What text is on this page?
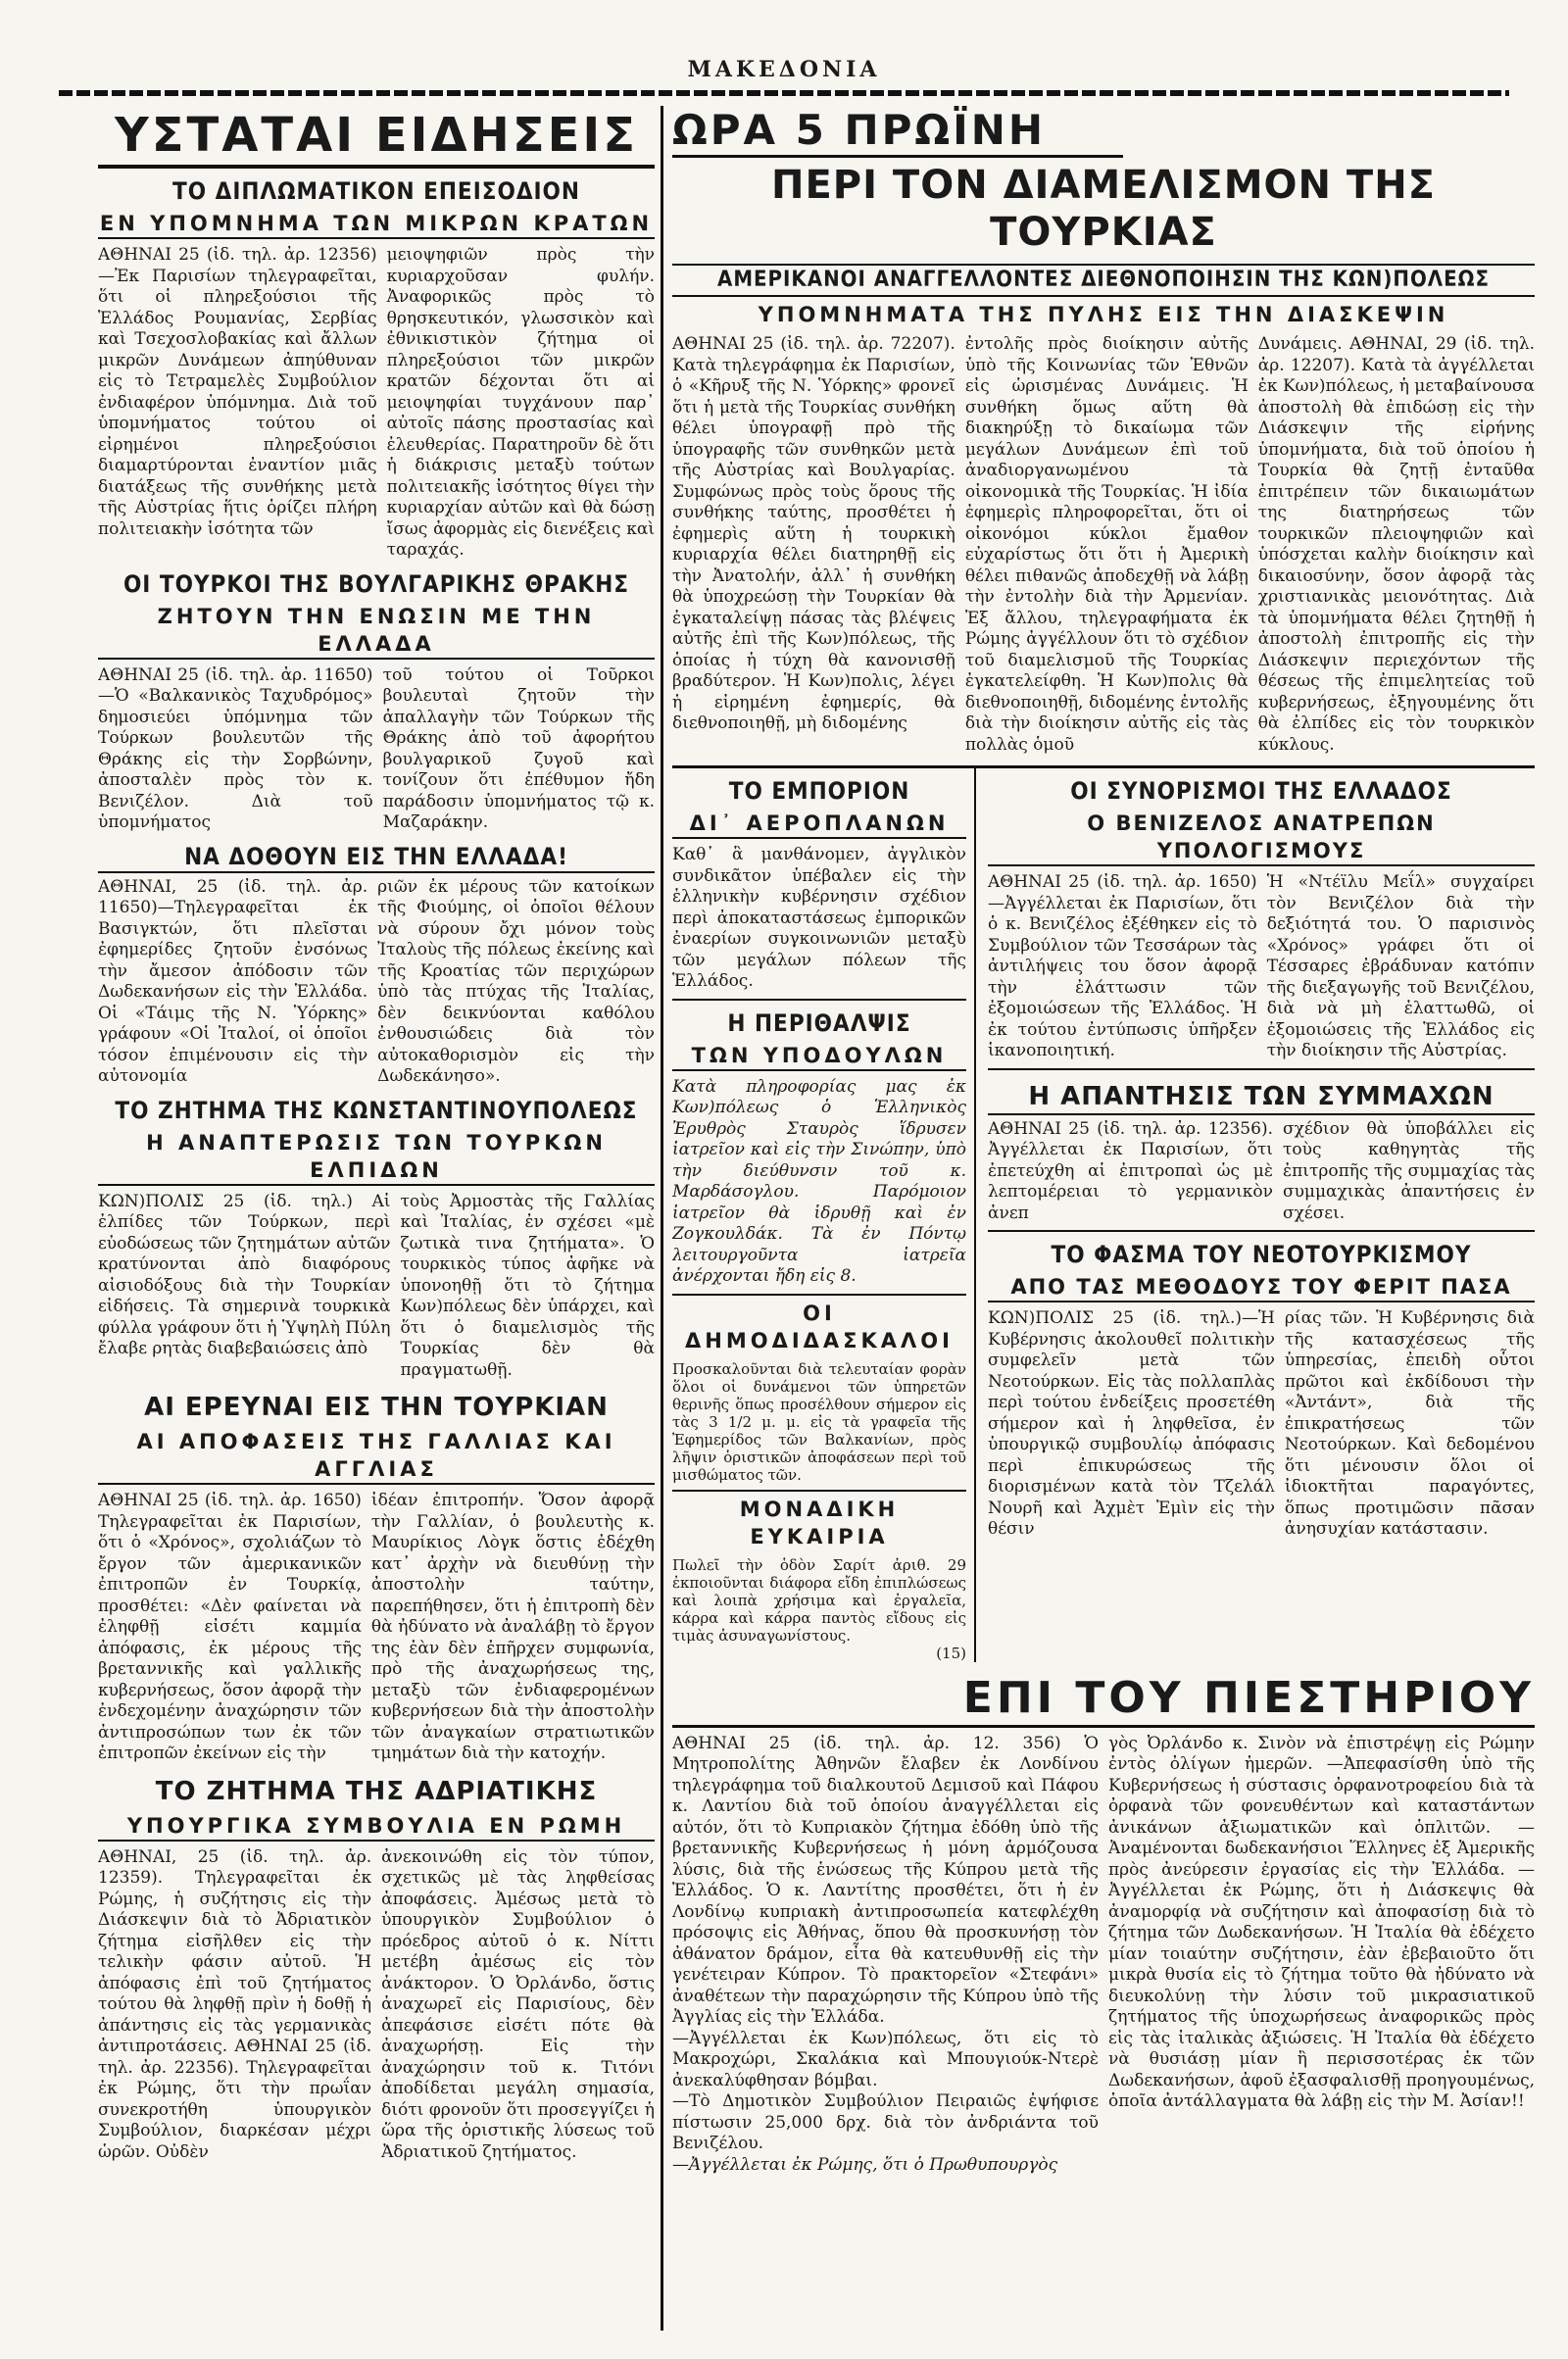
ΜΑΚΕΔΟΝΙΑ
ΥΣΤΑΤΑΙ ΕΙΔΗΣΕΙΣ
ΤΟ ΔΙΠΛΩΜΑΤΙΚΟΝ ΕΠΕΙΣΟΔΙΟΝ
ΕΝ ΥΠΟΜΝΗΜΑ ΤΩΝ ΜΙΚΡΩΝ ΚΡΑΤΩΝ

ΑΘΗΝΑΙ 25 (ἰδ. τηλ. ἀρ. 12356)—Ἐκ Παρισίων τηλεγραφεῖται, ὅτι οἱ πληρεξούσιοι τῆς Ἑλλάδος Ρουμανίας, Σερβίας καὶ Τσεχοσλοβακίας καὶ ἄλλων μικρῶν Δυνάμεων ἀπηύθυναν εἰς τὸ Τετραμελὲς Συμβούλιον ἐνδιαφέρον ὑπόμνημα. Διὰ τοῦ ὑπομνήματος τούτου οἱ εἰρημένοι πληρεξούσιοι διαμαρτύρονται ἐναντίον μιᾶς διατάξεως τῆς συνθήκης μετὰ τῆς Αὐστρίας ἥτις ὁρίζει πλήρη πολιτειακὴν ἰσότητα τῶν

μειοψηφιῶν πρὸς τὴν κυριαρχοῦσαν φυλήν. Ἀναφορικῶς πρὸς τὸ θρησκευτικόν, γλωσσικὸν καὶ ἐθνικιστικὸν ζήτημα οἱ πληρεξούσιοι τῶν μικρῶν κρατῶν δέχονται ὅτι αἱ μειοψηφίαι τυγχάνουν παρ᾽ αὐτοῖς πάσης προστασίας καὶ ἐλευθερίας. Παρατηροῦν δὲ ὅτι ἡ διάκρισις μεταξὺ τούτων πολιτειακῆς ἰσότητος θίγει τὴν κυριαρχίαν αὐτῶν καὶ θὰ δώσῃ ἴσως ἀφορμὰς εἰς διενέξεις καὶ ταραχάς.

ΟΙ ΤΟΥΡΚΟΙ ΤΗΣ ΒΟΥΛΓΑΡΙΚΗΣ ΘΡΑΚΗΣ
ΖΗΤΟΥΝ ΤΗΝ ΕΝΩΣΙΝ ΜΕ ΤΗΝ ΕΛΛΑΔΑ

ΑΘΗΝΑΙ 25 (ἰδ. τηλ. ἀρ. 11650)—Ὁ «Βαλκανικὸς Ταχυδρόμος» δημοσιεύει ὑπόμνημα τῶν Τούρκων βουλευτῶν τῆς Θράκης εἰς τὴν Σορβώνην, ἀποσταλὲν πρὸς τὸν κ. Βενιζέλον. Διὰ τοῦ ὑπομνήματος

τοῦ τούτου οἱ Τοῦρκοι βουλευταὶ ζητοῦν τὴν ἀπαλλαγὴν τῶν Τούρκων τῆς Θράκης ἀπὸ τοῦ ἀφορήτου βουλγαρικοῦ ζυγοῦ καὶ τονίζουν ὅτι ἐπέθυμον ἤδη παράδοσιν ὑπομνήματος τῷ κ. Μαζαράκην.

ΝΑ ΔΟΘΟΥΝ ΕΙΣ ΤΗΝ ΕΛΛΑΔΑ!

ΑΘΗΝΑΙ, 25 (ἰδ. τηλ. ἀρ. 11650)—Τηλεγραφεῖται ἐκ Βασιγκτών, ὅτι πλεῖσται ἐφημερίδες ζητοῦν ἐνσόνως τὴν ἄμεσον ἀπόδοσιν τῶν Δωδεκανήσων εἰς τὴν Ἑλλάδα. Οἱ «Τάιμς τῆς Ν. Ὑόρκης» γράφουν «Οἱ Ἰταλοί, οἱ ὁποῖοι τόσον ἐπιμένουσιν εἰς τὴν αὐτονομία

ριῶν ἐκ μέρους τῶν κατοίκων τῆς Φιούμης, οἱ ὁποῖοι θέλουν νὰ σύρουν ὄχι μόνον τοὺς Ἰταλοὺς τῆς πόλεως ἐκείνης καὶ τῆς Κροατίας τῶν περιχώρων ὑπὸ τὰς πτύχας τῆς Ἰταλίας, δὲν δεικνύονται καθόλου ἐνθουσιώδεις διὰ τὸν αὐτοκαθορισμὸν εἰς τὴν Δωδεκάνησο».

ΤΟ ΖΗΤΗΜΑ ΤΗΣ ΚΩΝΣΤΑΝΤΙΝΟΥΠΟΛΕΩΣ
Η ΑΝΑΠΤΕΡΩΣΙΣ ΤΩΝ ΤΟΥΡΚΩΝ ΕΛΠΙΔΩΝ

ΚΩΝ)ΠΟΛΙΣ 25 (ἰδ. τηλ.) Αἱ ἐλπίδες τῶν Τούρκων, περὶ εὐοδώσεως τῶν ζητημάτων αὐτῶν κρατύνονται ἀπὸ διαφόρους αἰσιοδόξους διὰ τὴν Τουρκίαν εἰδήσεις. Τὰ σημερινὰ τουρκικὰ φύλλα γράφουν ὅτι ἡ Ὑψηλὴ Πύλη ἔλαβε ρητὰς διαβεβαιώσεις ἀπὸ

τοὺς Ἀρμοστὰς τῆς Γαλλίας καὶ Ἰταλίας, ἐν σχέσει «μὲ ζωτικὰ τινα ζητήματα». Ὁ τουρκικὸς τύπος ἀφῆκε νὰ ὑπονοηθῇ ὅτι τὸ ζήτημα Κων)πόλεως δὲν ὑπάρχει, καὶ ὅτι ὁ διαμελισμὸς τῆς Τουρκίας δὲν θὰ πραγματωθῇ.

ΑΙ ΕΡΕΥΝΑΙ ΕΙΣ ΤΗΝ ΤΟΥΡΚΙΑΝ
ΑΙ ΑΠΟΦΑΣΕΙΣ ΤΗΣ ΓΑΛΛΙΑΣ ΚΑΙ ΑΓΓΛΙΑΣ

ΑΘΗΝΑΙ 25 (ἰδ. τηλ. ἀρ. 1650) Τηλεγραφεῖται ἐκ Παρισίων, ὅτι ὁ «Χρόνος», σχολιάζων τὸ ἔργον τῶν ἀμερικανικῶν ἐπιτροπῶν ἐν Τουρκίᾳ, προσθέτει: «Δὲν φαίνεται νὰ ἐληφθῇ εἰσέτι καμμία ἀπόφασις, ἐκ μέρους τῆς βρεταννικῆς καὶ γαλλικῆς κυβερνήσεως, ὅσον ἀφορᾷ τὴν ἐνδεχομένην ἀναχώρησιν τῶν ἀντιπροσώπων των ἐκ τῶν ἐπιτροπῶν ἐκείνων εἰς τὴν

ἰδέαν ἐπιτροπήν. Ὅσον ἀφορᾷ τὴν Γαλλίαν, ὁ βουλευτὴς κ. Μαυρίκιος Λὸγκ ὅστις ἐδέχθη κατ᾽ ἀρχὴν νὰ διευθύνῃ τὴν ἀποστολὴν ταύτην, παρεπήθησεν, ὅτι ἡ ἐπιτροπὴ δὲν θὰ ἠδύνατο νὰ ἀναλάβῃ τὸ ἔργον της ἐὰν δὲν ἐπῆρχεν συμφωνία, πρὸ τῆς ἀναχωρήσεως της, μεταξὺ τῶν ἐνδιαφερομένων κυβερνήσεων διὰ τὴν ἀποστολὴν τῶν ἀναγκαίων στρατιωτικῶν τμημάτων διὰ τὴν κατοχήν.

ΤΟ ΖΗΤΗΜΑ ΤΗΣ ΑΔΡΙΑΤΙΚΗΣ
ΥΠΟΥΡΓΙΚΑ ΣΥΜΒΟΥΛΙΑ ΕΝ ΡΩΜΗ

ΑΘΗΝΑΙ, 25 (ἰδ. τηλ. ἀρ. 12359). Τηλεγραφεῖται ἐκ Ρώμης, ἡ συζήτησις εἰς τὴν Διάσκεψιν διὰ τὸ Ἀδριατικὸν ζήτημα εἰσῆλθεν εἰς τὴν τελικὴν φάσιν αὐτοῦ. Ἡ ἀπόφασις ἐπὶ τοῦ ζητήματος τούτου θὰ ληφθῇ πρὶν ἡ δοθῇ ἡ ἀπάντησις εἰς τὰς γερμανικὰς ἀντιπροτάσεις. ΑΘΗΝΑΙ 25 (ἰδ. τηλ. ἀρ. 22356). Τηλεγραφεῖται ἐκ Ρώμης, ὅτι τὴν πρωΐαν συνεκροτήθη ὑπουργικὸν Συμβούλιον, διαρκέσαν μέχρι ὡρῶν. Οὐδὲν

ἀνεκοινώθη εἰς τὸν τύπον, σχετικῶς μὲ τὰς ληφθείσας ἀποφάσεις. Ἀμέσως μετὰ τὸ ὑπουργικὸν Συμβούλιον ὁ πρόεδρος αὐτοῦ ὁ κ. Νίττι μετέβη ἀμέσως εἰς τὸν ἀνάκτορον. Ὁ Ὀρλάνδο, ὅστις ἀναχωρεῖ εἰς Παρισίους, δὲν ἀπεφάσισε εἰσέτι πότε θὰ ἀναχωρήσῃ. Εἰς τὴν ἀναχώρησιν τοῦ κ. Τιτόνι ἀποδίδεται μεγάλη σημασία, διότι φρονοῦν ὅτι προσεγγίζει ἡ ὥρα τῆς ὁριστικῆς λύσεως τοῦ Ἀδριατικοῦ ζητήματος.

ΩΡΑ 5 ΠΡΩΪΝΗ
ΠΕΡΙ ΤΟΝ ΔΙΑΜΕΛΙΣΜΟΝ ΤΗΣ ΤΟΥΡΚΙΑΣ
ΑΜΕΡΙΚΑΝΟΙ ΑΝΑΓΓΕΛΛΟΝΤΕΣ ΔΙΕΘΝΟΠΟΙΗΣΙΝ ΤΗΣ ΚΩΝ)ΠΟΛΕΩΣ
ΥΠΟΜΝΗΜΑΤΑ ΤΗΣ ΠΥΛΗΣ ΕΙΣ ΤΗΝ ΔΙΑΣΚΕΨΙΝ

ΑΘΗΝΑΙ 25 (ἰδ. τηλ. ἀρ. 72207). Κατὰ τηλεγράφημα ἐκ Παρισίων, ὁ «Κῆρυξ τῆς Ν. Ὑόρκης» φρονεῖ ὅτι ἡ μετὰ τῆς Τουρκίας συνθήκη θέλει ὑπογραφῇ πρὸ τῆς ὑπογραφῆς τῶν συνθηκῶν μετὰ τῆς Αὐστρίας καὶ Βουλγαρίας. Συμφώνως πρὸς τοὺς ὅρους τῆς συνθήκης ταύτης, προσθέτει ἡ ἐφημερὶς αὕτη ἡ τουρκικὴ κυριαρχία θέλει διατηρηθῇ εἰς τὴν Ἀνατολήν, ἀλλ᾽ ἡ συνθήκη θὰ ὑποχρεώσῃ τὴν Τουρκίαν θὰ ἐγκαταλείψῃ πάσας τὰς βλέψεις αὐτῆς ἐπὶ τῆς Κων)πόλεως, τῆς ὁποίας ἡ τύχη θὰ κανονισθῇ βραδύτερον. Ἡ Κων)πολις, λέγει ἡ εἰρημένη ἐφημερίς, θὰ διεθνοποιηθῇ, μὴ διδομένης

ἐντολῆς πρὸς διοίκησιν αὐτῆς ὑπὸ τῆς Κοινωνίας τῶν Ἐθνῶν εἰς ὡρισμένας Δυνάμεις. Ἡ συνθήκη ὅμως αὕτη θὰ διακηρύξῃ τὸ δικαίωμα τῶν μεγάλων Δυνάμεων ἐπὶ τοῦ ἀναδιοργανωμένου τὰ οἰκονομικὰ τῆς Τουρκίας. Ἡ ἰδία ἐφημερὶς πληροφορεῖται, ὅτι οἱ οἰκονόμοι κύκλοι ἔμαθον εὐχαρίστως ὅτι ὅτι ἡ Ἀμερικὴ θέλει πιθανῶς ἀποδεχθῇ νὰ λάβῃ τὴν ἐντολὴν διὰ τὴν Ἀρμενίαν. Ἐξ ἄλλου, τηλεγραφήματα ἐκ Ρώμης ἀγγέλλουν ὅτι τὸ σχέδιον τοῦ διαμελισμοῦ τῆς Τουρκίας ἐγκατελείφθη. Ἡ Κων)πολις θὰ διεθνοποιηθῇ, διδομένης ἐντολῆς διὰ τὴν διοίκησιν αὐτῆς εἰς τὰς πολλὰς ὁμοῦ

Δυνάμεις. ΑΘΗΝΑΙ, 29 (ἰδ. τηλ. ἀρ. 12207). Κατὰ τὰ ἀγγέλλεται ἐκ Κων)πόλεως, ἡ μεταβαίνουσα ἀποστολὴ θὰ ἐπιδώσῃ εἰς τὴν Διάσκεψιν τῆς εἰρήνης ὑπομνήματα, διὰ τοῦ ὁποίου ἡ Τουρκία θὰ ζητῇ ἐνταῦθα ἐπιτρέπειν τῶν δικαιωμάτων της διατηρήσεως τῶν τουρκικῶν πλειοψηφιῶν καὶ ὑπόσχεται καλὴν διοίκησιν καὶ δικαιοσύνην, ὅσον ἀφορᾷ τὰς χριστιανικὰς μειονότητας. Διὰ τὰ ὑπομνήματα θέλει ζητηθῇ ἡ ἀποστολὴ ἐπιτροπῆς εἰς τὴν Διάσκεψιν περιεχόντων τῆς θέσεως τῆς ἐπιμελητείας τοῦ κυβερνήσεως, ἐξηγουμένης ὅτι θὰ ἐλπίδες εἰς τὸν τουρκικὸν κύκλους.

ΤΟ ΕΜΠΟΡΙΟΝ
ΔΙ᾽ ΑΕΡΟΠΛΑΝΩΝ

Καθ᾽ ἃ μανθάνομεν, ἀγγλικὸν συνδικᾶτον ὑπέβαλεν εἰς τὴν ἑλληνικὴν κυβέρνησιν σχέδιον περὶ ἀποκαταστάσεως ἐμπορικῶν ἐναερίων συγκοινωνιῶν μεταξὺ τῶν μεγάλων πόλεων τῆς Ἑλλάδος.

Η ΠΕΡΙΘΑΛΨΙΣ
ΤΩΝ ΥΠΟΔΟΥΛΩΝ

Κατὰ πληροφορίας μας ἐκ Κων)πόλεως ὁ Ἑλληνικὸς Ἐρυθρὸς Σταυρὸς ἵδρυσεν ἰατρεῖον καὶ εἰς τὴν Σινώπην, ὑπὸ τὴν διεύθυνσιν τοῦ κ. Μαρδάσογλου. Παρόμοιον ἰατρεῖον θὰ ἱδρυθῇ καὶ ἐν Ζογκουλδάκ. Τὰ ἐν Πόντῳ λειτουργοῦντα ἰατρεῖα ἀνέρχονται ἤδη εἰς 8.

ΟΙ ΔΗΜΟΔΙΔΑΣΚΑΛΟΙ

Προσκαλοῦνται διὰ τελευταίαν φορὰν ὅλοι οἱ δυνάμενοι τῶν ὑπηρετῶν θερινῆς ὅπως προσέλθουν σήμερον εἰς τὰς 3 1/2 μ. μ. εἰς τὰ γραφεῖα τῆς Ἐφημερίδος τῶν Βαλκανίων, πρὸς λῆψιν ὁριστικῶν ἀποφάσεων περὶ τοῦ μισθώματος τῶν.

ΜΟΝΑΔΙΚΗ ΕΥΚΑΙΡΙΑ

Πωλεῖ τὴν ὁδὸν Σαρίτ ἀριθ. 29 ἐκποιοῦνται διάφορα εἴδη ἐπιπλώσεως καὶ λοιπὰ χρήσιμα καὶ ἐργαλεῖα, κάρρα καὶ κάρρα παντὸς εἴδους εἰς τιμὰς ἀσυναγωνίστους.

(15)
ΟΙ ΣΥΝΟΡΙΣΜΟΙ ΤΗΣ ΕΛΛΑΔΟΣ
Ο ΒΕΝΙΖΕΛΟΣ ΑΝΑΤΡΕΠΩΝ ΥΠΟΛΟΓΙΣΜΟΥΣ

ΑΘΗΝΑΙ 25 (ἰδ. τηλ. ἀρ. 1650)—Ἀγγέλλεται ἐκ Παρισίων, ὅτι ὁ κ. Βενιζέλος ἐξέθηκεν εἰς τὸ Συμβούλιον τῶν Τεσσάρων τὰς ἀντιλήψεις του ὅσον ἀφορᾷ τὴν ἐλάττωσιν τῶν ἐξομοιώσεων τῆς Ἑλλάδος. Ἡ ἐκ τούτου ἐντύπωσις ὑπῆρξεν ἱκανοποιητική.

Ἡ «Ντέϊλυ Μεΐλ» συγχαίρει τὸν Βενιζέλον διὰ τὴν δεξιότητά του. Ὁ παρισινὸς «Χρόνος» γράφει ὅτι οἱ Τέσσαρες ἐβράδυναν κατόπιν τῆς διεξαγωγῆς τοῦ Βενιζέλου, διὰ νὰ μὴ ἐλαττωθῶ, οἱ ἐξομοιώσεις τῆς Ἑλλάδος εἰς τὴν διοίκησιν τῆς Αὐστρίας.

Η ΑΠΑΝΤΗΣΙΣ ΤΩΝ ΣΥΜΜΑΧΩΝ

ΑΘΗΝΑΙ 25 (ἰδ. τηλ. ἀρ. 12356). Ἀγγέλλεται ἐκ Παρισίων, ὅτι ἐπετεύχθη αἱ ἐπιτροπαὶ ὡς μὲ λεπτομέρειαι τὸ γερμανικὸν ἀνεπ

σχέδιον θὰ ὑποβάλλει εἰς τοὺς καθηγητὰς τῆς ἐπιτροπῆς τῆς συμμαχίας τὰς συμμαχικὰς ἀπαντήσεις ἐν σχέσει.

ΤΟ ΦΑΣΜΑ ΤΟΥ ΝΕΟΤΟΥΡΚΙΣΜΟΥ
ΑΠΟ ΤΑΣ ΜΕΘΟΔΟΥΣ ΤΟΥ ΦΕΡΙΤ ΠΑΣΑ

ΚΩΝ)ΠΟΛΙΣ 25 (ἰδ. τηλ.)—Ἡ Κυβέρνησις ἀκολουθεῖ πολιτικὴν συμφελεῖν μετὰ τῶν Νεοτούρκων. Εἰς τὰς πολλαπλὰς περὶ τούτου ἐνδείξεις προσετέθη σήμερον καὶ ἡ ληφθεῖσα, ἐν ὑπουργικῷ συμβουλίῳ ἀπόφασις περὶ ἐπικυρώσεως τῆς διορισμένων κατὰ τὸν Τζελάλ Νουρῆ καὶ Ἀχμὲτ Ἐμὶν εἰς τὴν θέσιν

ρίας τῶν. Ἡ Κυβέρνησις διὰ τῆς κατασχέσεως τῆς ὑπηρεσίας, ἐπειδὴ οὗτοι πρῶτοι καὶ ἐκδίδουσι τὴν «Ἀντάντ», διὰ τῆς ἐπικρατήσεως τῶν Νεοτούρκων. Καὶ δεδομένου ὅτι μένουσιν ὅλοι οἱ ἰδιοκτῆται παραγόντες, ὅπως προτιμῶσιν πᾶσαν ἀνησυχίαν κατάστασιν.

ΕΠΙ ΤΟΥ ΠΙΕΣΤΗΡΙΟΥ

ΑΘΗΝΑΙ 25 (ἰδ. τηλ. ἀρ. 12. 356) Ὁ Μητροπολίτης Ἀθηνῶν ἔλαβεν ἐκ Λονδίνου τηλεγράφημα τοῦ διαλκουτοῦ Δεμισοῦ καὶ Πάφου κ. Λαντίου διὰ τοῦ ὁποίου ἀναγγέλλεται εἰς αὐτόν, ὅτι τὸ Κυπριακὸν ζήτημα ἐδόθη ὑπὸ τῆς βρεταννικῆς Κυβερνήσεως ἡ μόνη ἁρμόζουσα λύσις, διὰ τῆς ἑνώσεως τῆς Κύπρου μετὰ τῆς Ἑλλάδος. Ὁ κ. Λαντίτης προσθέτει, ὅτι ἡ ἐν Λονδίνῳ κυπριακὴ ἀντιπροσωπεία κατεφλέχθη πρόσοψις εἰς Ἀθήνας, ὅπου θὰ προσκυνήσῃ τὸν ἀθάνατον δράμον, εἶτα θὰ κατευθυνθῇ εἰς τὴν γενέτειραν Κύπρον. Τὸ πρακτορεῖον «Στεφάνι» ἀναθέτεων τὴν παραχώρησιν τῆς Κύπρου ὑπὸ τῆς Ἀγγλίας εἰς τὴν Ἑλλάδα.

—Ἀγγέλλεται ἐκ Κων)πόλεως, ὅτι εἰς τὸ Μακροχώρι, Σκαλάκια καὶ Μπουγιούκ-Ντερὲ ἀνεκαλύφθησαν βόμβαι.

—Τὸ Δημοτικὸν Συμβούλιον Πειραιῶς ἐψήφισε πίστωσιν 25,000 δρχ. διὰ τὸν ἀνδριάντα τοῦ Βενιζέλου.

—Ἀγγέλλεται ἐκ Ρώμης, ὅτι ὁ Πρωθυπουργὸς

γὸς Ὀρλάνδο κ. Σινὸν νὰ ἐπιστρέψῃ εἰς Ρώμην ἐντὸς ὀλίγων ἡμερῶν. —Ἀπεφασίσθη ὑπὸ τῆς Κυβερνήσεως ἡ σύστασις ὀρφανοτροφείου διὰ τὰ ὀρφανὰ τῶν φονευθέντων καὶ καταστάντων ἀνικάνων ἀξιωματικῶν καὶ ὁπλιτῶν. —Ἀναμένονται δωδεκανήσιοι Ἕλληνες ἐξ Ἀμερικῆς πρὸς ἀνεύρεσιν ἐργασίας εἰς τὴν Ἑλλάδα. —Ἀγγέλλεται ἐκ Ρώμης, ὅτι ἡ Διάσκεψις θὰ ἀναμορφίᾳ νὰ συζήτησιν καὶ ἀποφασίσῃ διὰ τὸ ζήτημα τῶν Δωδεκανήσων. Ἡ Ἰταλία θὰ ἐδέχετο μίαν τοιαύτην συζήτησιν, ἐὰν ἐβεβαιοῦτο ὅτι μικρὰ θυσία εἰς τὸ ζήτημα τοῦτο θὰ ἠδύνατο νὰ διευκολύνῃ τὴν λύσιν τοῦ μικρασιατικοῦ ζητήματος τῆς ὑποχωρήσεως ἀναφορικῶς πρὸς εἰς τὰς ἰταλικὰς ἀξιώσεις. Ἡ Ἰταλία θὰ ἐδέχετο νὰ θυσιάσῃ μίαν ἢ περισσοτέρας ἐκ τῶν Δωδεκανήσων, ἀφοῦ ἐξασφαλισθῇ προηγουμένως, ὁποῖα ἀντάλλαγματα θὰ λάβῃ εἰς τὴν Μ. Ἀσίαν!!
